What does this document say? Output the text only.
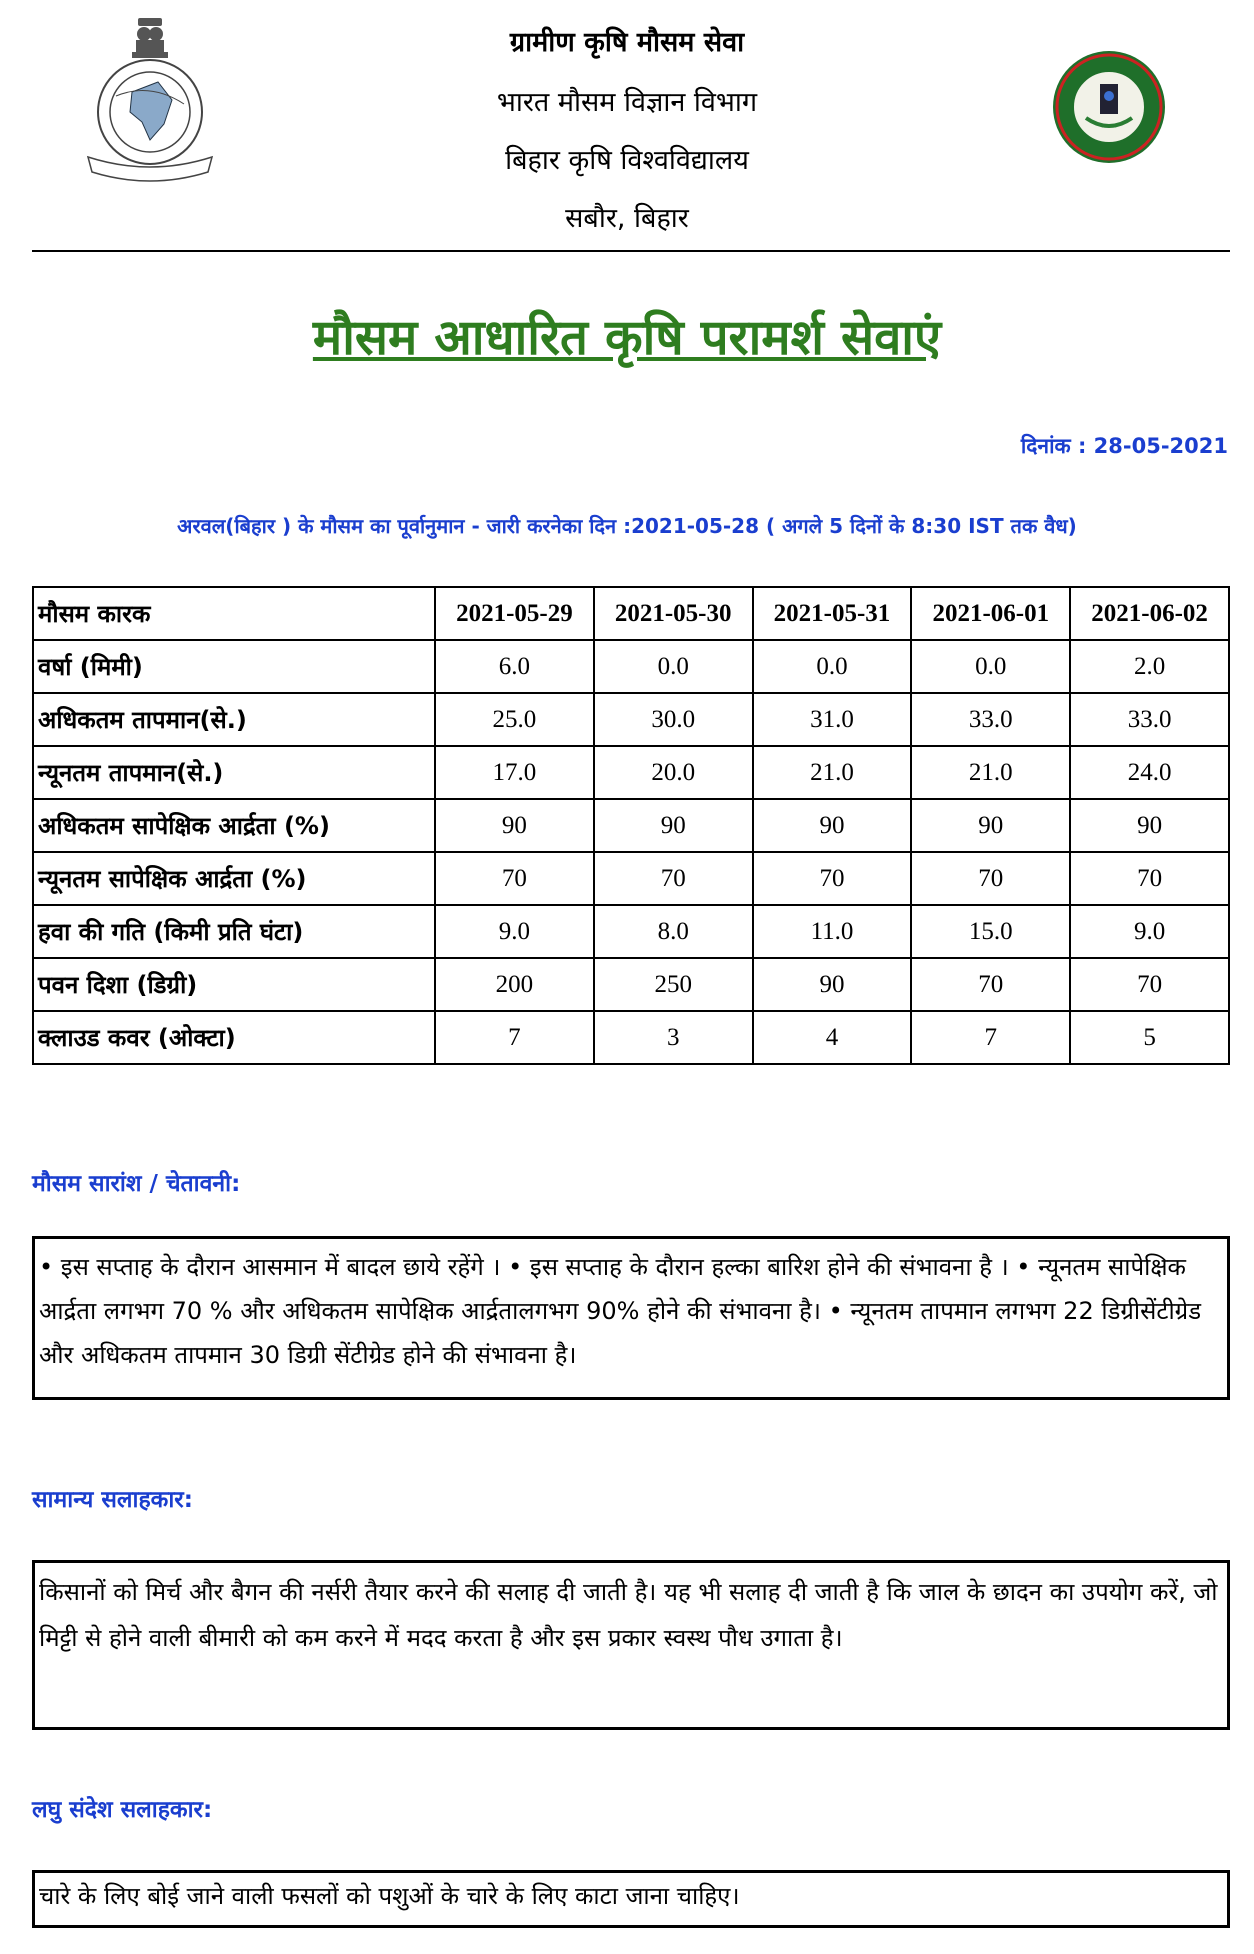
ग्रामीण कृषि मौसम सेवा
भारत मौसम विज्ञान विभाग
बिहार कृषि विश्वविद्यालय
सबौर, बिहार
मौसम आधारित कृषि परामर्श सेवाएं
दिनांक : 28-05-2021
अरवल(बिहार ) के मौसम का पूर्वानुमान - जारी करनेका दिन :2021-05-28 ( अगले 5 दिनों के 8:30 IST तक वैध)
मौसम कारक	2021-05-29	2021-05-30	2021-05-31	2021-06-01	2021-06-02
वर्षा (मिमी)	6.0	0.0	0.0	0.0	2.0
अधिकतम तापमान(से.)	25.0	30.0	31.0	33.0	33.0
न्यूनतम तापमान(से.)	17.0	20.0	21.0	21.0	24.0
अधिकतम सापेक्षिक आर्द्रता (%)	90	90	90	90	90
न्यूनतम सापेक्षिक आर्द्रता (%)	70	70	70	70	70
हवा की गति (किमी प्रति घंटा)	9.0	8.0	11.0	15.0	9.0
पवन दिशा (डिग्री)	200	250	90	70	70
क्लाउड कवर (ओक्टा)	7	3	4	7	5
मौसम सारांश / चेतावनी:
• इस सप्ताह के दौरान आसमान में बादल छाये रहेंगे । • इस सप्ताह के दौरान हल्का बारिश होने की संभावना है । • न्यूनतम सापेक्षिक आर्द्रता लगभग 70 % और अधिकतम सापेक्षिक आर्द्रतालगभग 90% होने की संभावना है। • न्यूनतम तापमान लगभग 22 डिग्रीसेंटीग्रेड और अधिकतम तापमान 30 डिग्री सेंटीग्रेड होने की संभावना है।
सामान्य सलाहकार:
किसानों को मिर्च और बैगन की नर्सरी तैयार करने की सलाह दी जाती है। यह भी सलाह दी जाती है कि जाल के छादन का उपयोग करें, जो मिट्टी से होने वाली बीमारी को कम करने में मदद करता है और इस प्रकार स्वस्थ पौध उगाता है।
लघु संदेश सलाहकार:
चारे के लिए बोई जाने वाली फसलों को पशुओं के चारे के लिए काटा जाना चाहिए।
